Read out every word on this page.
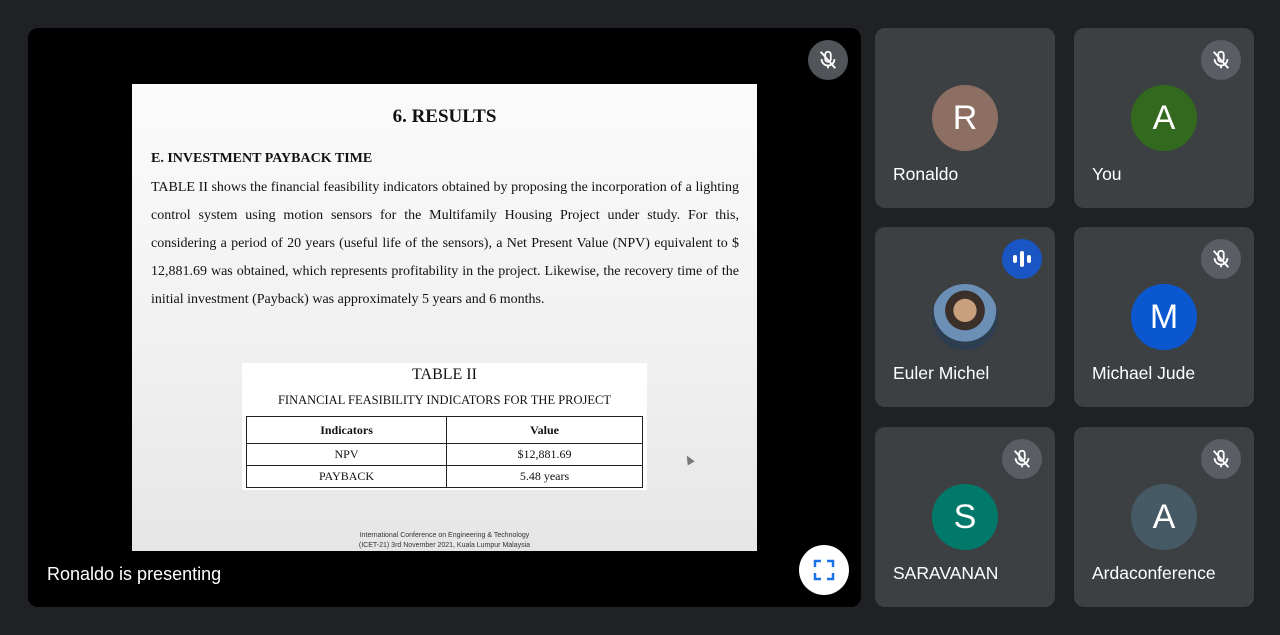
6. RESULTS
E. INVESTMENT PAYBACK TIME
TABLE II shows the financial feasibility indicators obtained by proposing the incorporation of a lighting control system using motion sensors for the Multifamily Housing Project under study. For this, considering a period of 20 years (useful life of the sensors), a Net Present Value (NPV) equivalent to $ 12,881.69 was obtained, which represents profitability in the project. Likewise, the recovery time of the initial investment (Payback) was approximately 5 years and 6 months.
TABLE II
FINANCIAL FEASIBILITY INDICATORS FOR THE PROJECT
Indicators	Value
NPV	$12,881.69
PAYBACK	5.48 years
International Conference on Engineering & Technology
(ICET-21) 3rd November 2021, Kuala Lumpur Malaysia
Ronaldo is presenting
R
Ronaldo
A
You
Euler Michel
M
Michael Jude
S
SARAVANAN
A
Ardaconference
